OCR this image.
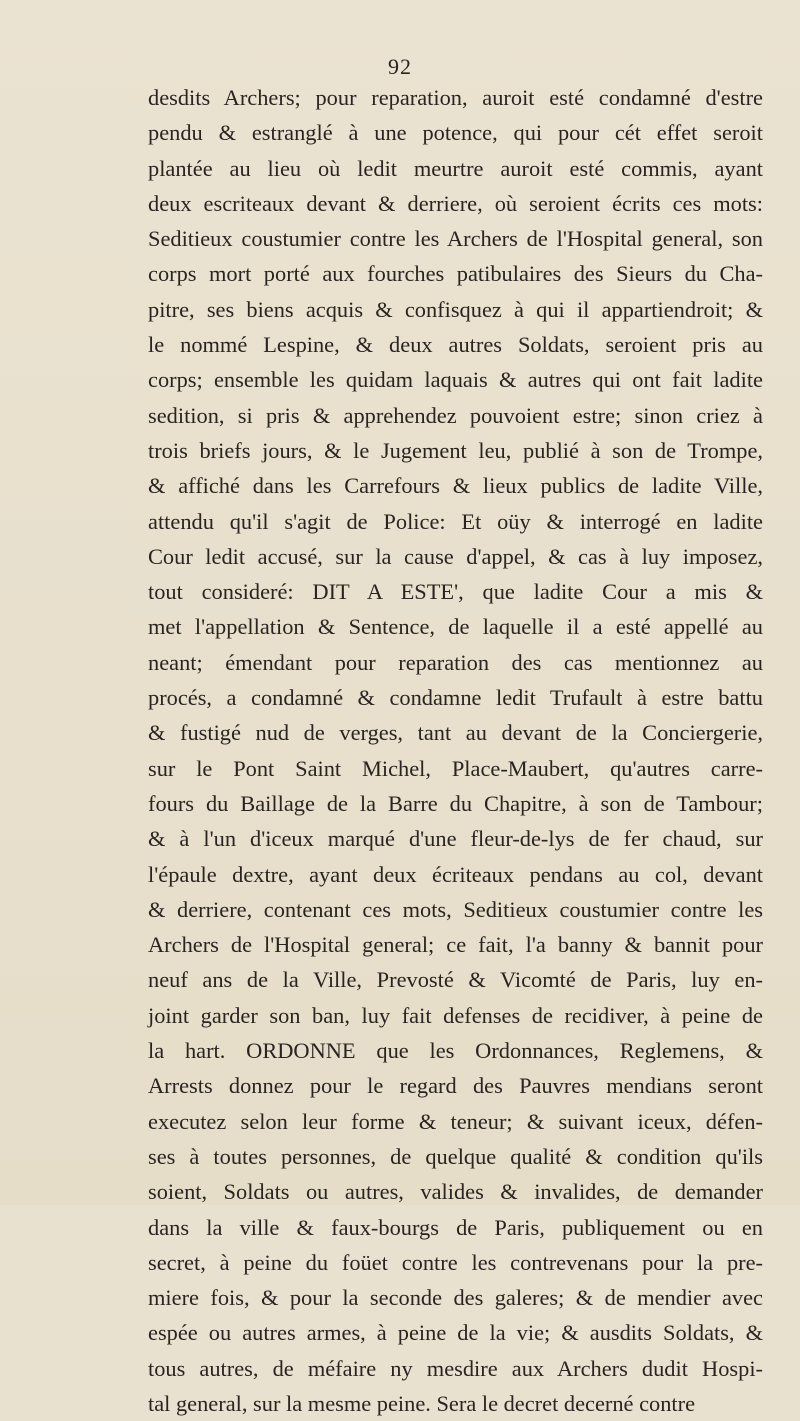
92
desdits Archers; pour reparation, auroit esté condamné d'estre
pendu & estranglé à une potence, qui pour cét effet seroit
plantée au lieu où ledit meurtre auroit esté commis, ayant
deux escriteaux devant & derriere, où seroient écrits ces mots:
Seditieux coustumier contre les Archers de l'Hospital general, son
corps mort porté aux fourches patibulaires des Sieurs du Cha-
pitre, ses biens acquis & confisquez à qui il appartiendroit; &
le nommé Lespine, & deux autres Soldats, seroient pris au
corps; ensemble les quidam laquais & autres qui ont fait ladite
sedition, si pris & apprehendez pouvoient estre; sinon criez à
trois briefs jours, & le Jugement leu, publié à son de Trompe,
& affiché dans les Carrefours & lieux publics de ladite Ville,
attendu qu'il s'agit de Police: Et oüy & interrogé en ladite
Cour ledit accusé, sur la cause d'appel, & cas à luy imposez,
tout consideré: DIT A ESTE', que ladite Cour a mis &
met l'appellation & Sentence, de laquelle il a esté appellé au
neant; émendant pour reparation des cas mentionnez au
procés, a condamné & condamne ledit Trufault à estre battu
& fustigé nud de verges, tant au devant de la Conciergerie,
sur le Pont Saint Michel, Place-Maubert, qu'autres carre-
fours du Baillage de la Barre du Chapitre, à son de Tambour;
& à l'un d'iceux marqué d'une fleur-de-lys de fer chaud, sur
l'épaule dextre, ayant deux écriteaux pendans au col, devant
& derriere, contenant ces mots, Seditieux coustumier contre les
Archers de l'Hospital general; ce fait, l'a banny & bannit pour
neuf ans de la Ville, Prevosté & Vicomté de Paris, luy en-
joint garder son ban, luy fait defenses de recidiver, à peine de
la hart. ORDONNE que les Ordonnances, Reglemens, &
Arrests donnez pour le regard des Pauvres mendians seront
executez selon leur forme & teneur; & suivant iceux, défen-
ses à toutes personnes, de quelque qualité & condition qu'ils
soient, Soldats ou autres, valides & invalides, de demander
dans la ville & faux-bourgs de Paris, publiquement ou en
secret, à peine du foüet contre les contrevenans pour la pre-
miere fois, & pour la seconde des galeres; & de mendier avec
espée ou autres armes, à peine de la vie; & ausdits Soldats, &
tous autres, de méfaire ny mesdire aux Archers dudit Hospi-
tal general, sur la mesme peine. Sera le decret decerné contre
